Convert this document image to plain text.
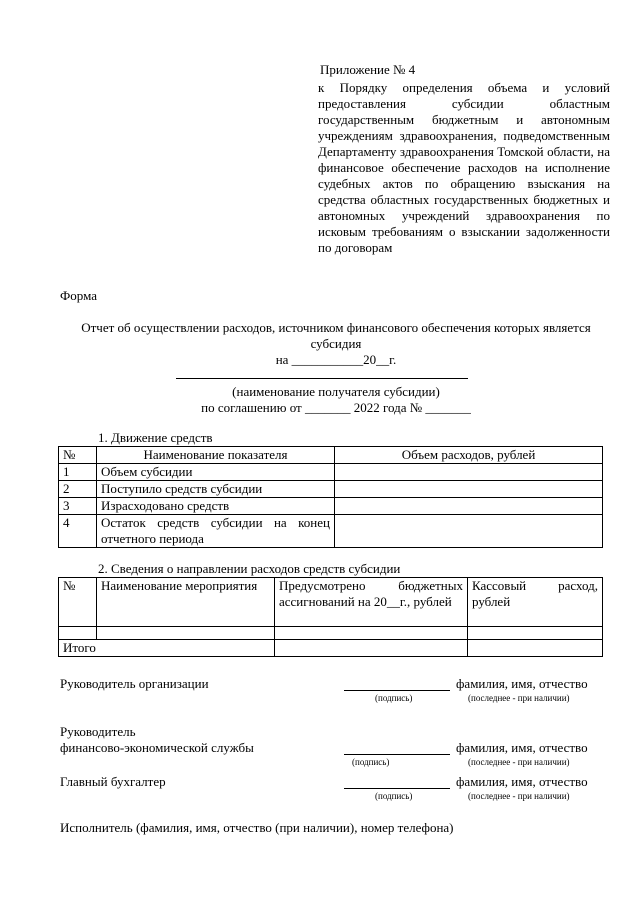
Приложение № 4
к Порядку определения объема и условий предоставления субсидии областным государственным бюджетным и автономным учреждениям здравоохранения, подведомственным Департаменту здравоохранения Томской области, на финансовое обеспечение расходов на исполнение судебных актов по обращению взыскания на средства областных государственных бюджетных и автономных учреждений здравоохранения по исковым требованиям о взыскании задолженности по договорам
Форма
Отчет об осуществлении расходов, источником финансового обеспечения которых является субсидия
на ___________20__г.
(наименование получателя субсидии)
по соглашению от _______ 2022 года № _______
1. Движение средств
№	Наименование показателя	Объем расходов, рублей
1	Объем субсидии	
2	Поступило средств субсидии	
3	Израсходовано средств	
4	Остаток средств субсидии на конец отчетного периода	
2. Сведения о направлении расходов средств субсидии
№	Наименование мероприятия	Предусмотрено бюджетных ассигнований на 20__г., рублей	Кассовый расход, рублей

Итого			
Руководитель организации	фамилия, имя, отчество
(подпись)	(последнее - при наличии)
Руководитель
финансово-экономической службы	фамилия, имя, отчество
(подпись)	(последнее - при наличии)
Главный бухгалтер	фамилия, имя, отчество
(подпись)	(последнее - при наличии)
Исполнитель (фамилия, имя, отчество (при наличии), номер телефона)
